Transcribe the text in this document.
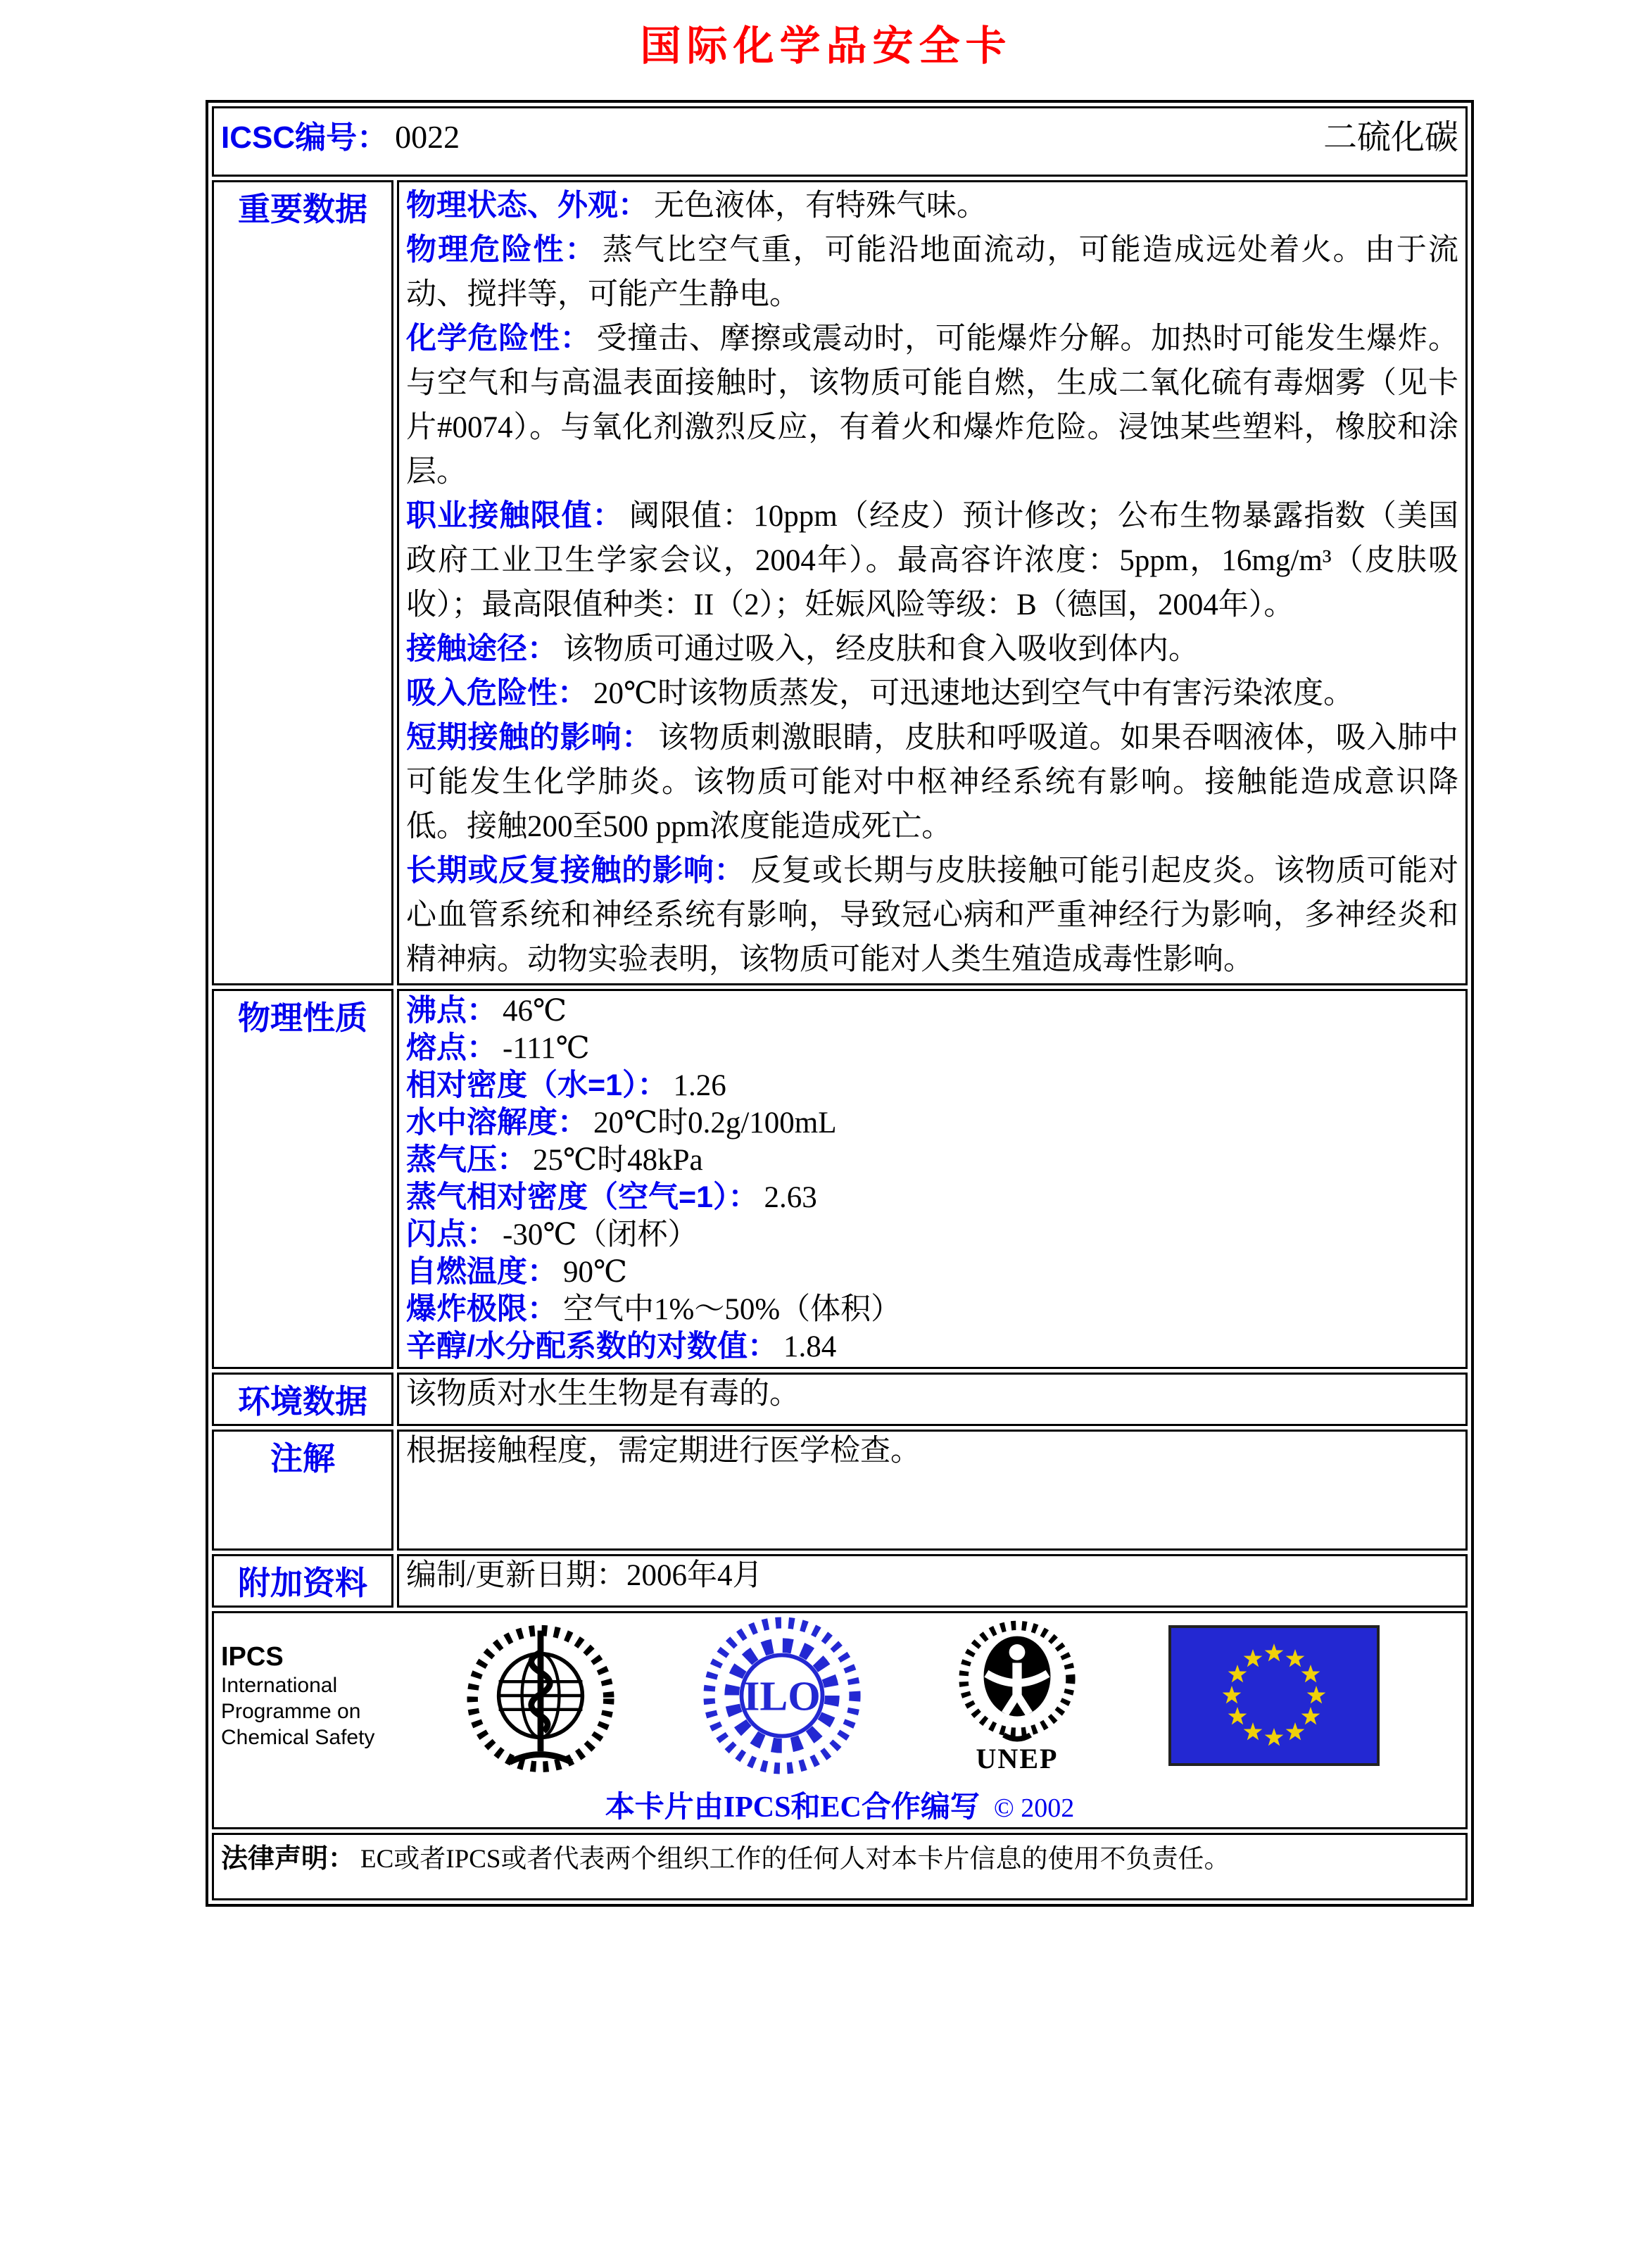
国际化学品安全卡
ICSC编号： 0022 二硫化碳	

重要数据	物理状态、外观： 无色液体，有特殊气味。

物理危险性： 蒸气比空气重，可能沿地面流动，可能造成远处着火。由于流动、搅拌等，可能产生静电。

化学危险性： 受撞击、摩擦或震动时，可能爆炸分解。加热时可能发生爆炸。与空气和与高温表面接触时，该物质可能自燃，生成二氧化硫有毒烟雾（见卡片#0074）。与氧化剂激烈反应，有着火和爆炸危险。浸蚀某些塑料，橡胶和涂层。

职业接触限值： 阈限值：10ppm（经皮）预计修改；公布生物暴露指数（美国政府工业卫生学家会议，2004年）。最高容许浓度：5ppm，16mg/m³（皮肤吸收）；最高限值种类：II（2）；妊娠风险等级：B（德国，2004年）。

接触途径： 该物质可通过吸入，经皮肤和食入吸收到体内。

吸入危险性： 20℃时该物质蒸发，可迅速地达到空气中有害污染浓度。

短期接触的影响： 该物质刺激眼睛，皮肤和呼吸道。如果吞咽液体，吸入肺中可能发生化学肺炎。该物质可能对中枢神经系统有影响。接触能造成意识降低。接触200至500 ppm浓度能造成死亡。

长期或反复接触的影响： 反复或长期与皮肤接触可能引起皮炎。该物质可能对心血管系统和神经系统有影响，导致冠心病和严重神经行为影响，多神经炎和精神病。动物实验表明，该物质可能对人类生殖造成毒性影响。

物理性质	沸点： 46℃

熔点： -111℃

相对密度（水=1）： 1.26

水中溶解度： 20℃时0.2g/100mL

蒸气压： 25℃时48kPa

蒸气相对密度（空气=1）： 2.63

闪点： -30℃（闭杯）

自燃温度： 90℃

爆炸极限： 空气中1%～50%（体积）

辛醇/水分配系数的对数值： 1.84

环境数据	该物质对水生生物是有毒的。

注解	根据接触程度，需定期进行医学检查。

附加资料	编制/更新日期：2006年4月

IPCS
International
Programme on
Chemical Safety
ILO
UNEP
本卡片由IPCS和EC合作编写 © 2002

法律声明： EC或者IPCS或者代表两个组织工作的任何人对本卡片信息的使用不负责任。	
